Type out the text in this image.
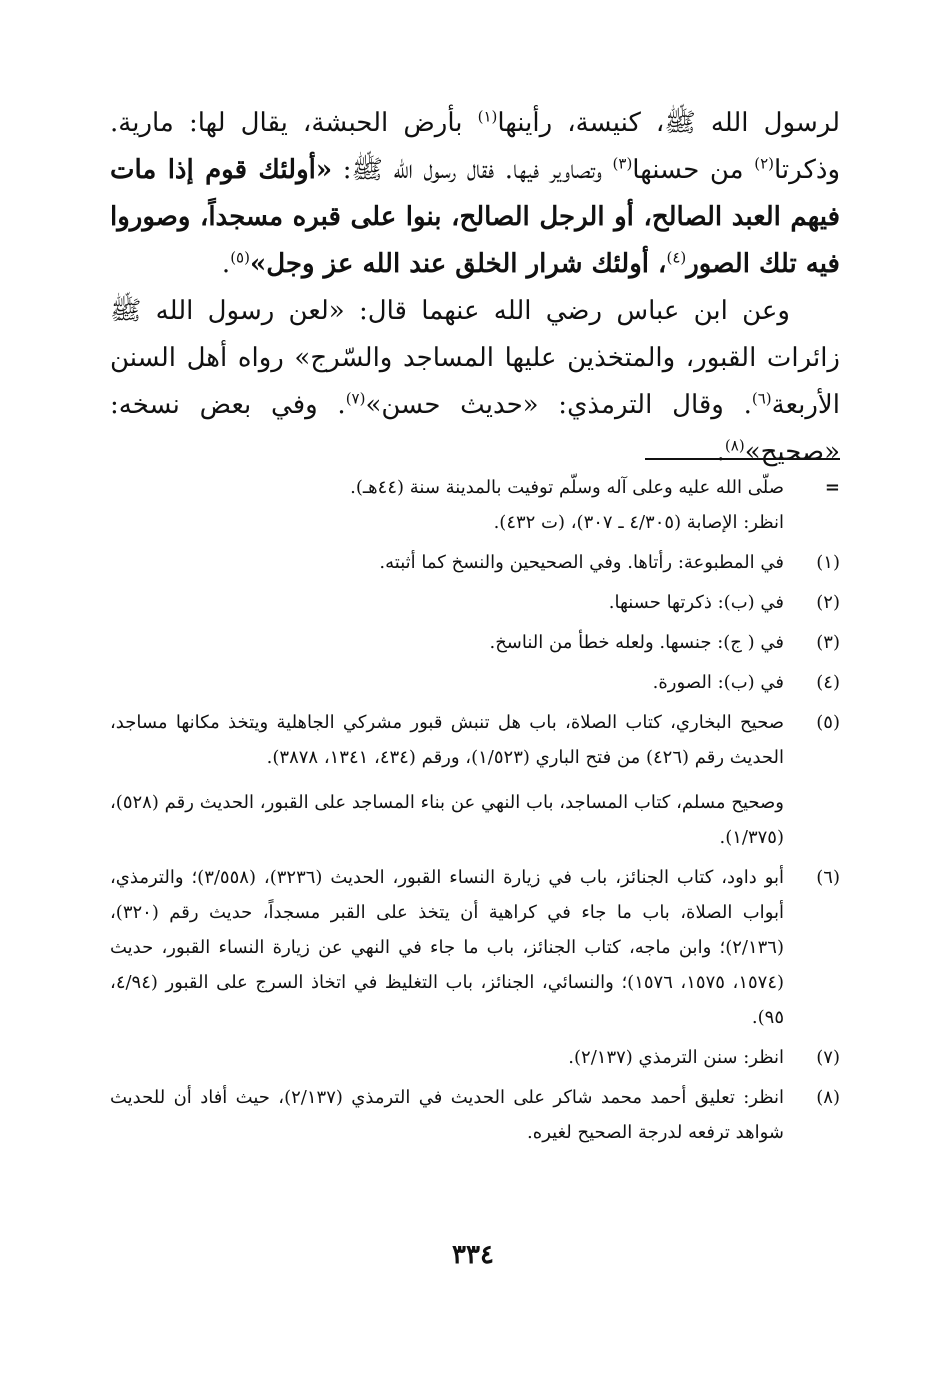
لرسول الله ﷺ، كنيسة، رأينها$^{(١)}$ بأرض الحبشة، يقال لها: مارية. وذكرتا$^{(٢)}$ من حسنها$^{(٣)}$ وتصاوير فيها. فقال رسول الله ﷺ: «أولئك قوم إذا مات فيهم العبد الصالح، أو الرجل الصالح، بنوا على قبره مسجداً، وصوروا فيه تلك الصور$^{(٤)}$، أولئك شرار الخلق عند الله عز وجل»$^{(٥)}$.

وعن ابن عباس رضي الله عنهما قال: «لعن رسول الله ﷺ زائرات القبور، والمتخذين عليها المساجد والسّرج» رواه أهل السنن الأربعة$^{(٦)}$. وقال الترمذي: «حديث حسن»$^{(٧)}$. وفي بعض نسخه: «صحيح»$^{(٨)}$.

=

صلّى الله عليه وعلى آله وسلّم توفيت بالمدينة سنة (٤٤هـ).

انظر: الإصابة (٤/٣٠٥ ـ ٣٠٧)، (ت ٤٣٢).

(١)
في المطبوعة: رأتاها. وفي الصحيحين والنسخ كما أثبته.
(٢)
في (ب): ذكرتها حسنها.
(٣)
في ( ج): جنسها. ولعله خطأ من الناسخ.
(٤)
في (ب): الصورة.
(٥)

صحيح البخاري، كتاب الصلاة، باب هل تنبش قبور مشركي الجاهلية ويتخذ مكانها مساجد، الحديث رقم (٤٢٦) من فتح الباري (١/٥٢٣)، ورقم (٤٣٤، ١٣٤١، ٣٨٧٨).

وصحيح مسلم، كتاب المساجد، باب النهي عن بناء المساجد على القبور، الحديث رقم (٥٢٨)، (١/٣٧٥).

(٦)
أبو داود، كتاب الجنائز، باب في زيارة النساء القبور، الحديث (٣٢٣٦)، (٣/٥٥٨)؛ والترمذي، أبواب الصلاة، باب ما جاء في كراهية أن يتخذ على القبر مسجداً، حديث رقم (٣٢٠)، (٢/١٣٦)؛ وابن ماجه، كتاب الجنائز، باب ما جاء في النهي عن زيارة النساء القبور، حديث (١٥٧٤، ١٥٧٥، ١٥٧٦)؛ والنسائي، الجنائز، باب التغليظ في اتخاذ السرج على القبور (٤/٩٤، ٩٥).
(٧)
انظر: سنن الترمذي (٢/١٣٧).
(٨)
انظر: تعليق أحمد محمد شاكر على الحديث في الترمذي (٢/١٣٧)، حيث أفاد أن للحديث شواهد ترفعه لدرجة الصحيح لغيره.
٣٣٤
